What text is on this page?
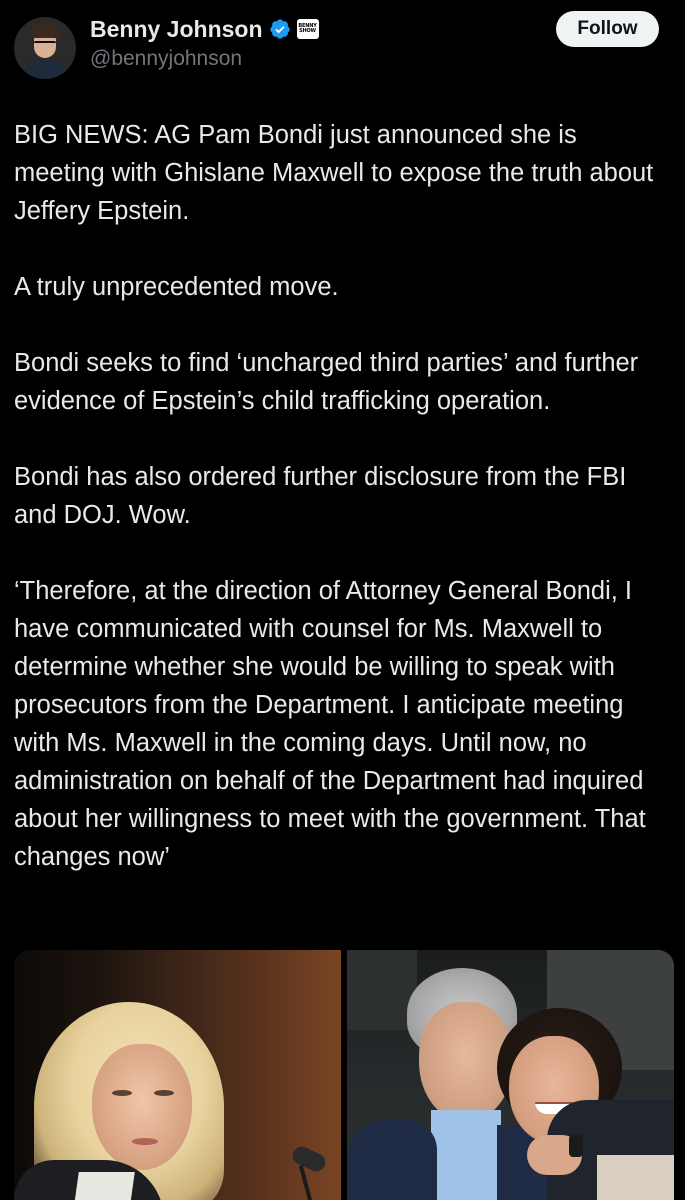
Benny Johnson	BENNY SHOW
@bennyjohnson
Follow

BIG NEWS: AG Pam Bondi just announced she is meeting with Ghislane Maxwell to expose the truth about Jeffery Epstein.

A truly unprecedented move.

Bondi seeks to find ‘uncharged third parties’ and further evidence of Epstein’s child trafficking operation.

Bondi has also ordered further disclosure from the FBI and DOJ. Wow.

‘Therefore, at the direction of Attorney General Bondi, I have communicated with counsel for Ms. Maxwell to determine whether she would be willing to speak with prosecutors from the Department. I anticipate meeting with Ms. Maxwell in the coming days. Until now, no administration on behalf of the Department had inquired about her willingness to meet with the government. That changes now’
